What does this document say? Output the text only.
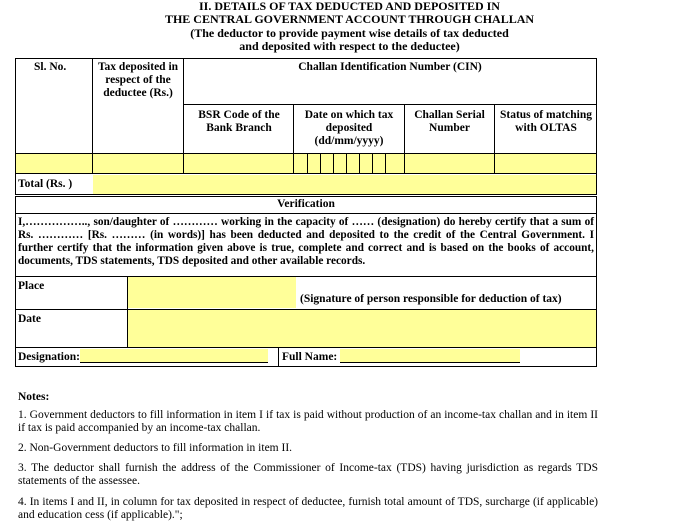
II. DETAILS OF TAX DEDUCTED AND DEPOSITED IN
THE CENTRAL GOVERNMENT ACCOUNT THROUGH CHALLAN
(The deductor to provide payment wise details of tax deducted
and deposited with respect to the deductee)
Sl. No.	Tax deposited in respect of the deductee (Rs.)
Challan Identification Number (CIN)
BSR Code of the Bank Branch
Date on which tax deposited (dd/mm/yyyy)
Challan Serial Number
Status of matching with OLTAS
Total (Rs. )
Verification
I,…………….., son/daughter of ………… working in the capacity of …… (designation) do hereby certify that a sum of Rs. ………… [Rs. ……… (in words)] has been deducted and deposited to the credit of the Central Government. I further certify that the information given above is true, complete and correct and is based on the books of account, documents, TDS statements, TDS deposited and other available records.
Place
(Signature of person responsible for deduction of tax)
Date
Designation:	Full Name:
Notes:
1. Government deductors to fill information in item I if tax is paid without production of an income-tax challan and in item II if tax is paid accompanied by an income-tax challan.
2. Non-Government deductors to fill information in item II.
3. The deductor shall furnish the address of the Commissioner of Income-tax (TDS) having jurisdiction as regards TDS statements of the assessee.
4. In items I and II, in column for tax deposited in respect of deductee, furnish total amount of TDS, surcharge (if applicable) and education cess (if applicable).";
